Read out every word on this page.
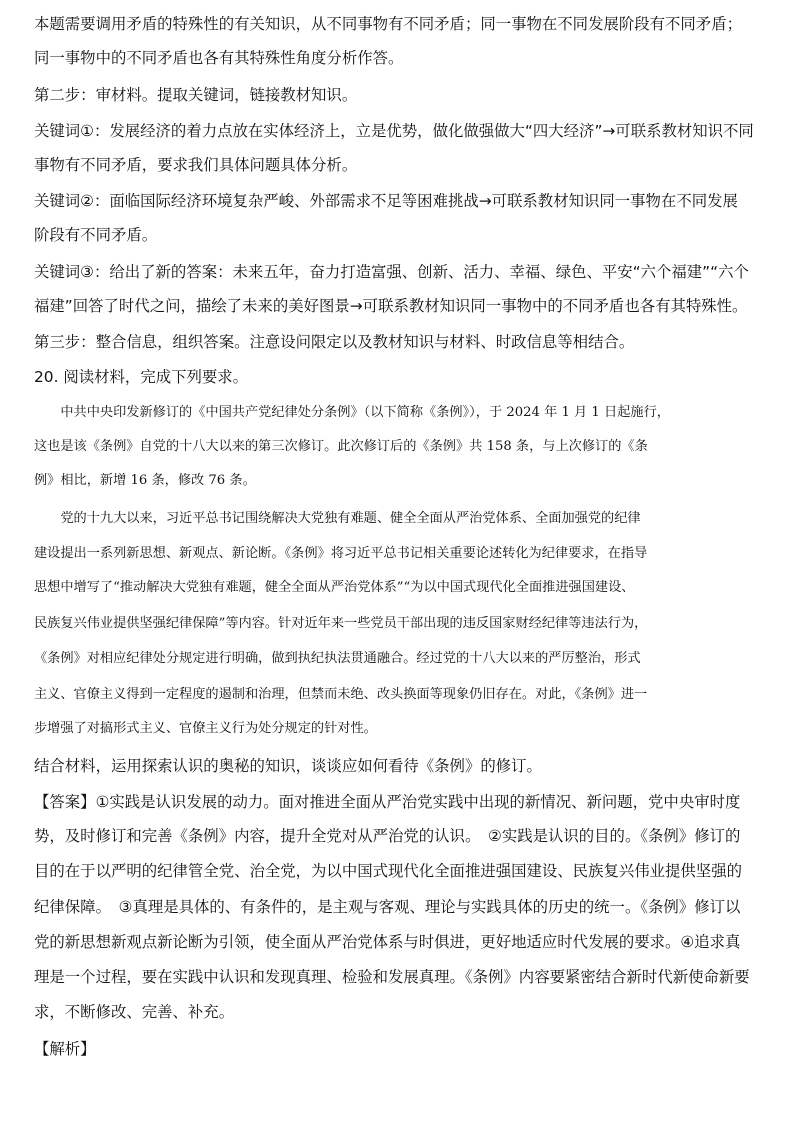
本题需要调用矛盾的特殊性的有关知识，从不同事物有不同矛盾；同一事物在不同发展阶段有不同矛盾；
同一事物中的不同矛盾也各有其特殊性角度分析作答。
第二步：审材料。提取关键词，链接教材知识。
关键词①：发展经济的着力点放在实体经济上，立是优势，做化做强做大“四大经济”→可联系教材知识不同
事物有不同矛盾，要求我们具体问题具体分析。
关键词②：面临国际经济环境复杂严峻、外部需求不足等困难挑战→可联系教材知识同一事物在不同发展
阶段有不同矛盾。
关键词③：给出了新的答案：未来五年，奋力打造富强、创新、活力、幸福、绿色、平安“六个福建”“六个
福建”回答了时代之问，描绘了未来的美好图景→可联系教材知识同一事物中的不同矛盾也各有其特殊性。
第三步：整合信息，组织答案。注意设问限定以及教材知识与材料、时政信息等相结合。
20. 阅读材料，完成下列要求。
　　中共中央印发新修订的《中国共产党纪律处分条例》（以下简称《条例》），于 2024 年 1 月 1 日起施行，
这也是该《条例》自党的十八大以来的第三次修订。此次修订后的《条例》共 158 条，与上次修订的《条
例》相比，新增 16 条，修改 76 条。
　　党的十九大以来，习近平总书记围绕解决大党独有难题、健全全面从严治党体系、全面加强党的纪律
建设提出一系列新思想、新观点、新论断。《条例》将习近平总书记相关重要论述转化为纪律要求，在指导
思想中增写了“推动解决大党独有难题，健全全面从严治党体系”“为以中国式现代化全面推进强国建设、
民族复兴伟业提供坚强纪律保障”等内容。针对近年来一些党员干部出现的违反国家财经纪律等违法行为，
《条例》对相应纪律处分规定进行明确，做到执纪执法贯通融合。经过党的十八大以来的严厉整治，形式
主义、官僚主义得到一定程度的遏制和治理，但禁而未绝、改头换面等现象仍旧存在。对此，《条例》进一
步增强了对搞形式主义、官僚主义行为处分规定的针对性。
结合材料，运用探索认识的奥秘的知识，谈谈应如何看待《条例》的修订。
【答案】①实践是认识发展的动力。面对推进全面从严治党实践中出现的新情况、新问题，党中央审时度
势，及时修订和完善《条例》内容，提升全党对从严治党的认识。　②实践是认识的目的。《条例》修订的
目的在于以严明的纪律管全党、治全党，为以中国式现代化全面推进强国建设、民族复兴伟业提供坚强的
纪律保障。　③真理是具体的、有条件的，是主观与客观、理论与实践具体的历史的统一。《条例》修订以
党的新思想新观点新论断为引领，使全面从严治党体系与时俱进，更好地适应时代发展的要求。④追求真
理是一个过程，要在实践中认识和发现真理、检验和发展真理。《条例》内容要紧密结合新时代新使命新要
求，不断修改、完善、补充。
【解析】
